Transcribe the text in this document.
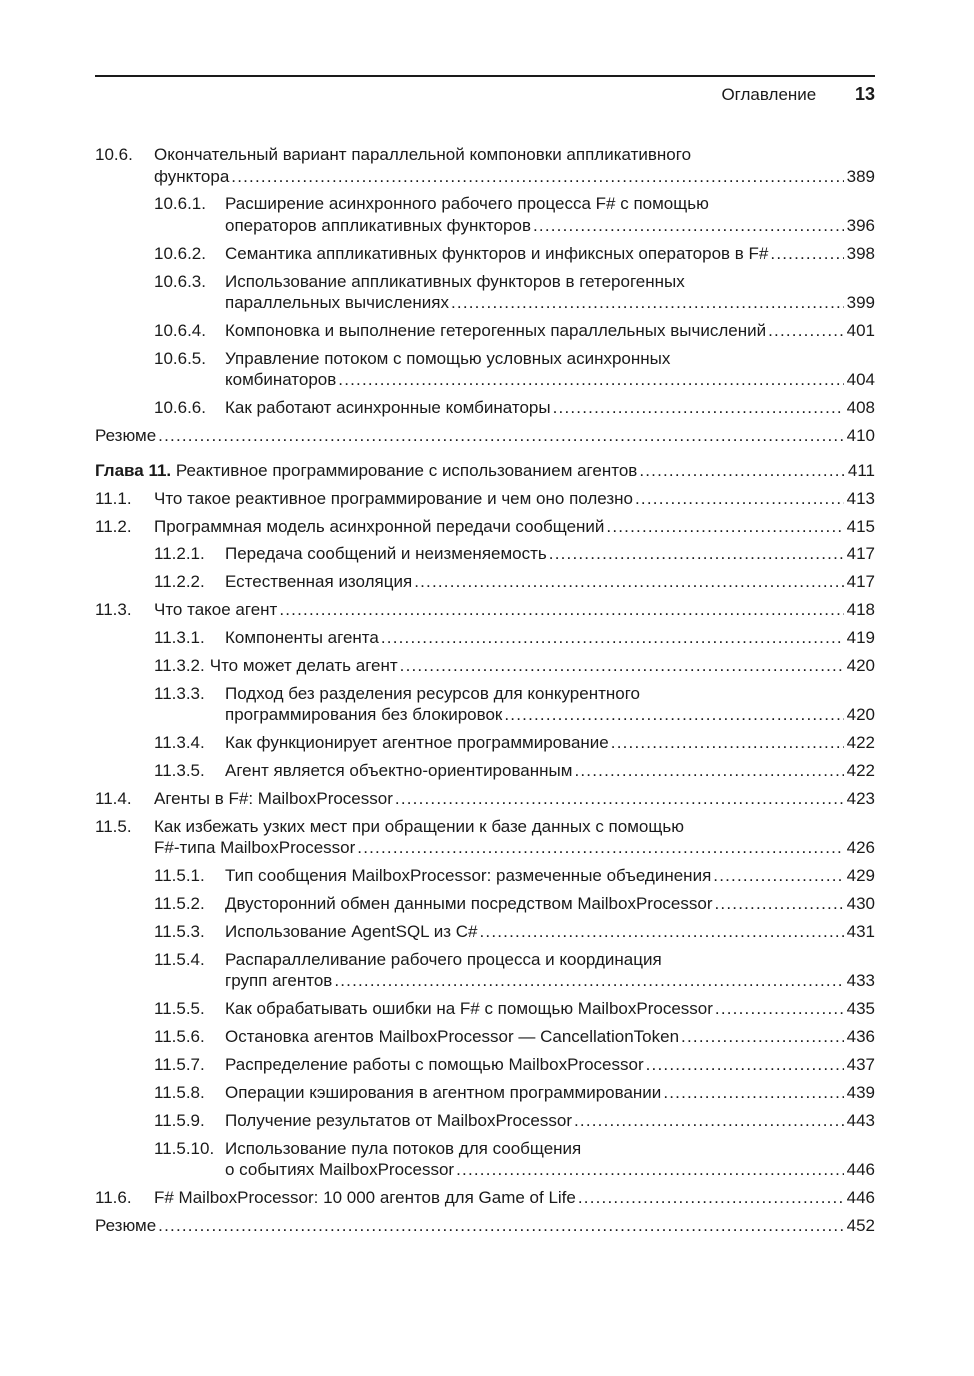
Оглавление 13
10.6.	Окончательный вариант параллельной компоновки аппликативного
функтора .....	389
10.6.1.	Расширение асинхронного рабочего процесса F# с помощью
операторов аппликативных функторов .....	396
10.6.2.	Семантика аппликативных функторов и инфиксных операторов в F# .....	398
10.6.3.	Использование аппликативных функторов в гетерогенных
параллельных вычислениях .....	399
10.6.4.	Компоновка и выполнение гетерогенных параллельных вычислений .....	401
10.6.5.	Управление потоком с помощью условных асинхронных
комбинаторов .....	404
10.6.6.	Как работают асинхронные комбинаторы .....	408
Резюме .....	410
Глава 11. Реактивное программирование с использованием агентов .....	411
11.1.	Что такое реактивное программирование и чем оно полезно .....	413
11.2.	Программная модель асинхронной передачи сообщений .....	415
11.2.1.	Передача сообщений и неизменяемость .....	417
11.2.2.	Естественная изоляция .....	417
11.3.	Что такое агент .....	418
11.3.1.	Компоненты агента .....	419
11.3.2. Что может делать агент .....	420
11.3.3.	Подход без разделения ресурсов для конкурентного
программирования без блокировок .....	420
11.3.4.	Как функционирует агентное программирование .....	422
11.3.5.	Агент является объектно-ориентированным .....	422
11.4.	Агенты в F#: MailboxProcessor .....	423
11.5.	Как избежать узких мест при обращении к базе данных с помощью
F#-типа MailboxProcessor .....	426
11.5.1.	Тип сообщения MailboxProcessor: размеченные объединения .....	429
11.5.2.	Двусторонний обмен данными посредством MailboxProcessor .....	430
11.5.3.	Использование AgentSQL из C# .....	431
11.5.4.	Распараллеливание рабочего процесса и координация
групп агентов .....	433
11.5.5.	Как обрабатывать ошибки на F# с помощью MailboxProcessor .....	435
11.5.6.	Остановка агентов MailboxProcessor — CancellationToken .....	436
11.5.7.	Распределение работы с помощью MailboxProcessor .....	437
11.5.8.	Операции кэширования в агентном программировании .....	439
11.5.9.	Получение результатов от MailboxProcessor .....	443
11.5.10. Использование пула потоков для сообщения
о событиях MailboxProcessor .....	446
11.6.	F# MailboxProcessor: 10 000 агентов для Game of Life .....	446
Резюме .....	452
